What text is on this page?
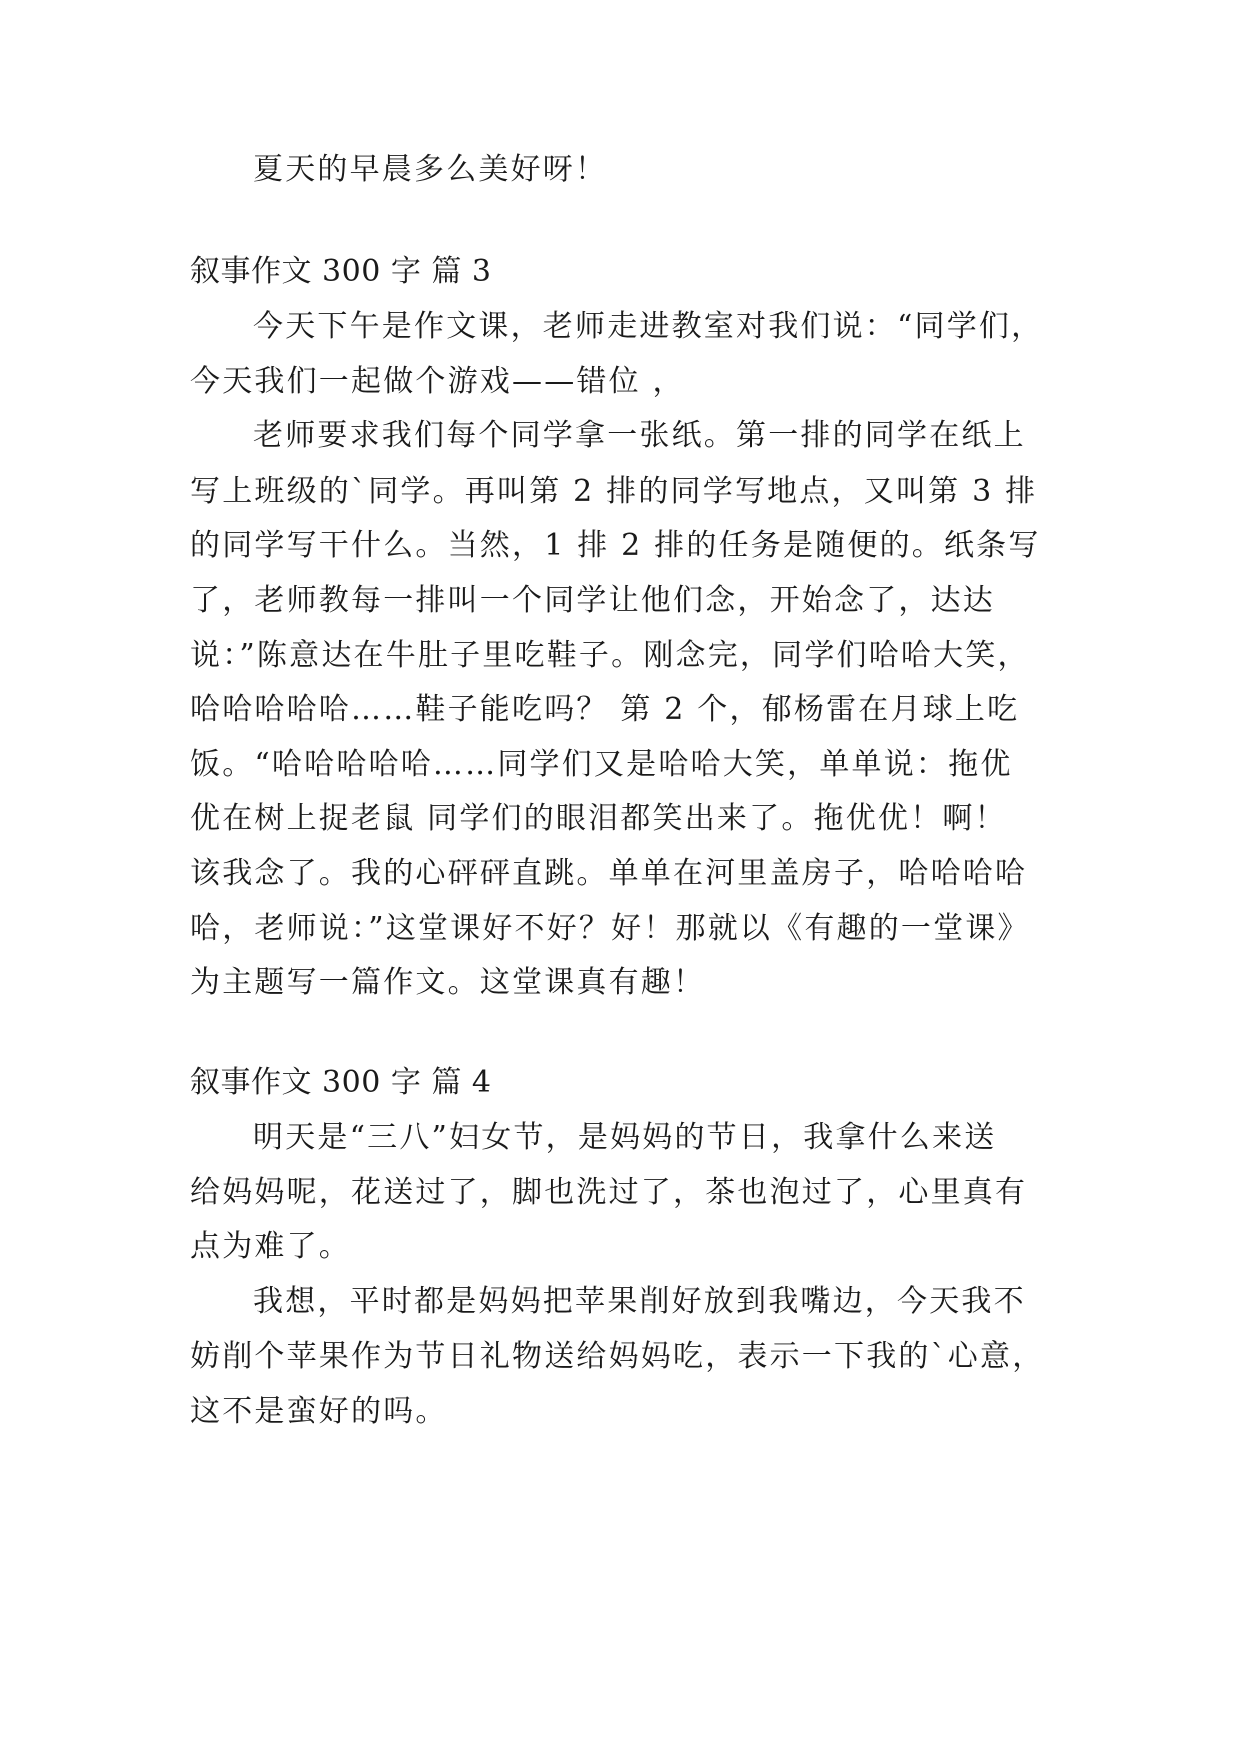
夏天的早晨多么美好呀！
叙事作文 300 字 篇 3
今天下午是作文课，老师走进教室对我们说：“同学们，
今天我们一起做个游戏——错位 ，
老师要求我们每个同学拿一张纸。第一排的同学在纸上
写上班级的`同学。再叫第 2 排的同学写地点，又叫第 3 排
的同学写干什么。当然，1 排 2 排的任务是随便的。纸条写
了，老师教每一排叫一个同学让他们念，开始念了，达达
说：”陈意达在牛肚子里吃鞋子。刚念完，同学们哈哈大笑，
哈哈哈哈哈……鞋子能吃吗？ 第 2 个，郁杨雷在月球上吃
饭。“哈哈哈哈哈……同学们又是哈哈大笑，单单说：拖优
优在树上捉老鼠 同学们的眼泪都笑出来了。拖优优！啊！
该我念了。我的心砰砰直跳。单单在河里盖房子，哈哈哈哈
哈，老师说：”这堂课好不好？好！那就以《有趣的一堂课》
为主题写一篇作文。这堂课真有趣！
叙事作文 300 字 篇 4
明天是“三八”妇女节，是妈妈的节日，我拿什么来送
给妈妈呢，花送过了，脚也洗过了，茶也泡过了，心里真有
点为难了。
我想，平时都是妈妈把苹果削好放到我嘴边，今天我不
妨削个苹果作为节日礼物送给妈妈吃，表示一下我的`心意，
这不是蛮好的吗。
